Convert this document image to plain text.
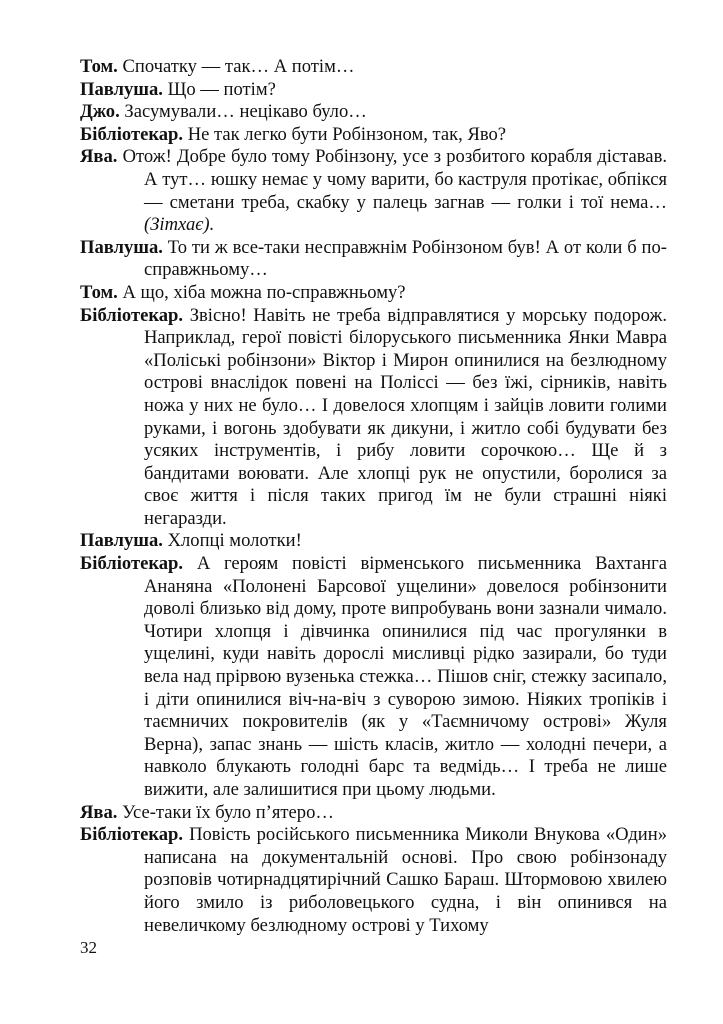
Том. Спочатку — так… А потім…

Павлуша. Що — потім?

Джо. Засумували… нецікаво було…

Бібліотекар. Не так легко бути Робінзоном, так, Яво?

Ява. Отож! Добре було тому Робінзону, усе з розбитого корабля діставав. А тут… юшку немає у чому варити, бо каструля протікає, обпікся — сметани треба, скабку у палець загнав — голки і тої нема… (Зітхає).

Павлуша. То ти ж все-таки несправжнім Робінзоном був! А от коли б по-справжньому…

Том. А що, хіба можна по-справжньому?

Бібліотекар. Звісно! Навіть не треба відправлятися у морську подорож. Наприклад, герої повісті білоруського письменника Янки Мавра «Поліські робінзони» Віктор і Мирон опинилися на безлюдному острові внаслідок повені на Поліссі — без їжі, сірників, навіть ножа у них не було… І довелося хлопцям і зайців ловити голими руками, і вогонь здобувати як дикуни, і житло собі будувати без усяких інструментів, і рибу ловити сорочкою… Ще й з бандитами воювати. Але хлопці рук не опустили, боролися за своє життя і після таких пригод їм не були страшні ніякі негаразди.

Павлуша. Хлопці молотки!

Бібліотекар. А героям повісті вірменського письменника Вахтанга Ананяна «Полонені Барсової ущелини» довелося робінзонити доволі близько від дому, проте випробувань вони зазнали чимало. Чотири хлопця і дівчинка опинилися під час прогулянки в ущелині, куди навіть дорослі мисливці рідко зазирали, бо туди вела над прірвою вузенька стежка… Пішов сніг, стежку засипало, і діти опинилися віч-на-віч з суворою зимою. Ніяких тропіків і таємничих покровителів (як у «Таємничому острові» Жуля Верна), запас знань — шість класів, житло — холодні печери, а навколо блукають голодні барс та ведмідь… І треба не лише вижити, але залишитися при цьому людьми.

Ява. Усе-таки їх було п’ятеро…

Бібліотекар. Повість російського письменника Миколи Внукова «Один» написана на документальній основі. Про свою робінзонаду розповів чотирнадцятирічний Сашко Бараш. Штормовою хвилею його змило із риболовецького судна, і він опинився на невеличкому безлюдному острові у Тихому

32
